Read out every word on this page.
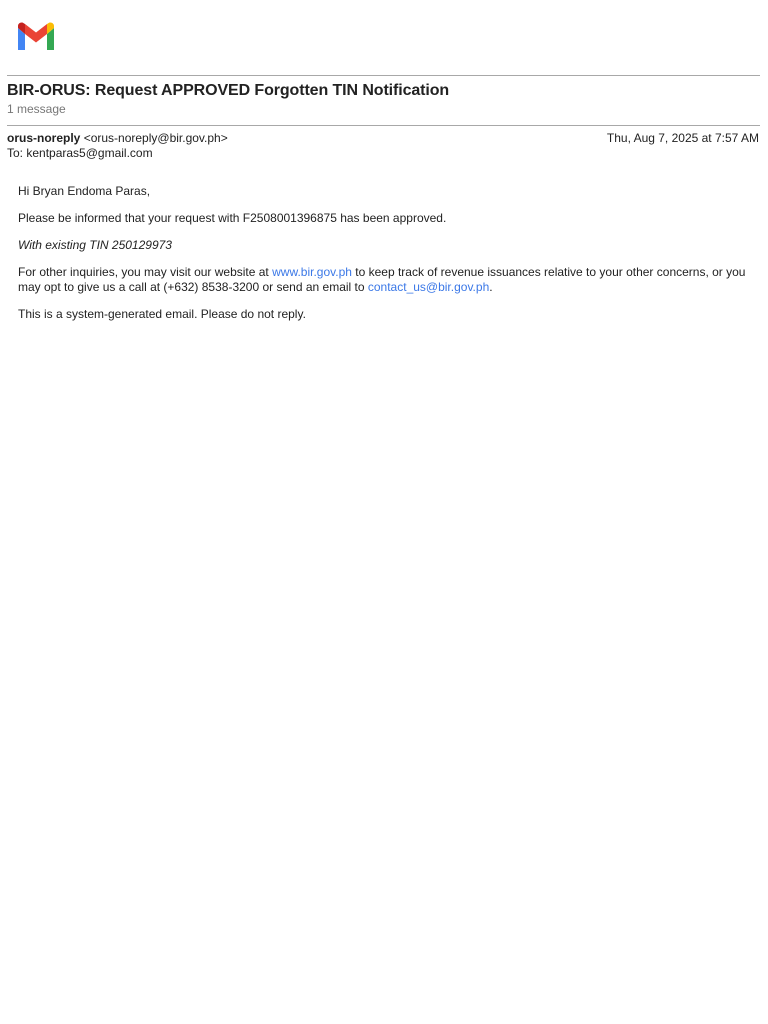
BIR-ORUS: Request APPROVED Forgotten TIN Notification
1 message
orus-noreply <orus-noreply@bir.gov.ph>	Thu, Aug 7, 2025 at 7:57 AM
To: kentparas5@gmail.com

Hi Bryan Endoma Paras,

Please be informed that your request with F2508001396875 has been approved.

With existing TIN 250129973

For other inquiries, you may visit our website at www.bir.gov.ph to keep track of revenue issuances relative to your other concerns, or you may opt to give us a call at (+632) 8538-3200 or send an email to contact_us@bir.gov.ph.

This is a system-generated email. Please do not reply.
